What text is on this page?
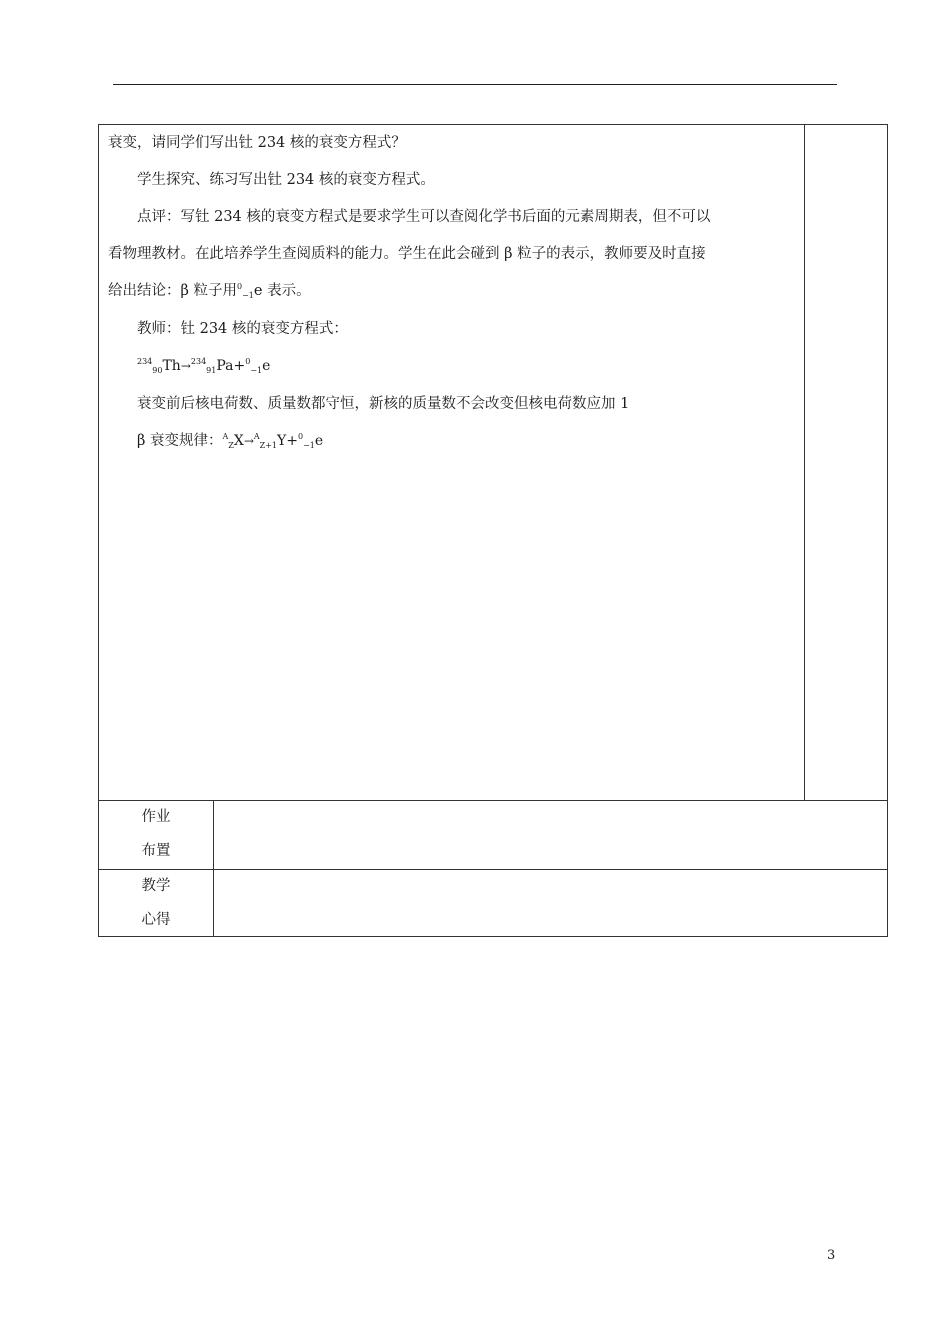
衰变，请同学们写出钍 234 核的衰变方程式？

学生探究、练习写出钍 234 核的衰变方程式。

点评：写钍 234 核的衰变方程式是要求学生可以查阅化学书后面的元素周期表，但不可以

看物理教材。在此培养学生查阅质料的能力。学生在此会碰到 β 粒子的表示，教师要及时直接

给出结论：β 粒子用$^0_{-1}$e 表示。

教师：钍 234 核的衰变方程式：

$^{234}_{90}$Th→$^{234}_{91}$Pa+$^0_{-1}$e

衰变前后核电荷数、质量数都守恒，新核的质量数不会改变但核电荷数应加 1

β 衰变规律：$^A_Z$X→$^A_{Z+1}$Y+$^0_{-1}$e

作业
布置
教学
心得
3
